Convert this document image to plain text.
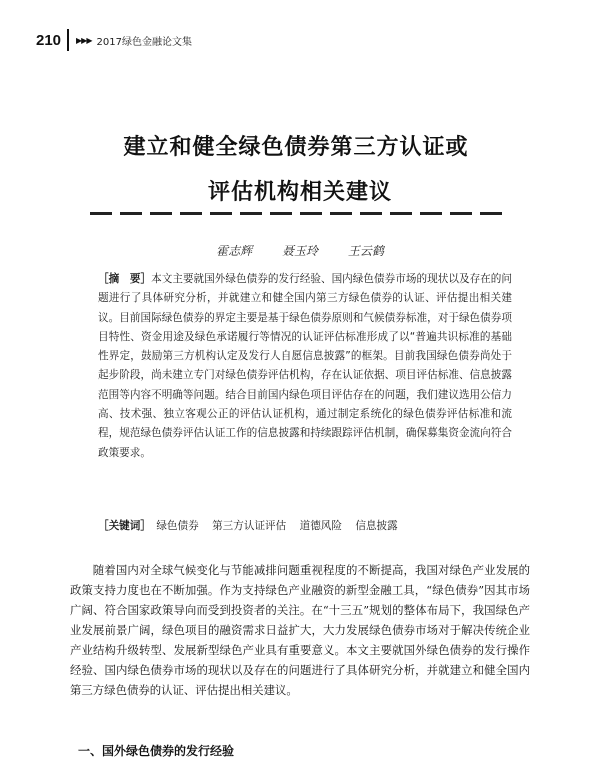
210 ▶▶▶ 2017绿色金融论文集
建立和健全绿色债券第三方认证或
评估机构相关建议
霍志辉 聂玉玲 王云鹤
［摘　要］本文主要就国外绿色债券的发行经验、国内绿色债券市场的现状以及存在的问题进行了具体研究分析，并就建立和健全国内第三方绿色债券的认证、评估提出相关建议。目前国际绿色债券的界定主要是基于绿色债券原则和气候债券标准，对于绿色债券项目特性、资金用途及绿色承诺履行等情况的认证评估标准形成了以“普遍共识标准的基础性界定，鼓励第三方机构认定及发行人自愿信息披露”的框架。目前我国绿色债券尚处于起步阶段，尚未建立专门对绿色债券评估机构，存在认证依据、项目评估标准、信息披露范围等内容不明确等问题。结合目前国内绿色项目评估存在的问题，我们建议选用公信力高、技术强、独立客观公正的评估认证机构，通过制定系统化的绿色债券评估标准和流程，规范绿色债券评估认证工作的信息披露和持续跟踪评估机制，确保募集资金流向符合政策要求。
［关键词］ 绿色债券 第三方认证评估 道德风险 信息披露

随着国内对全球气候变化与节能减排问题重视程度的不断提高，我国对绿色产业发展的政策支持力度也在不断加强。作为支持绿色产业融资的新型金融工具，“绿色债券”因其市场广阔、符合国家政策导向而受到投资者的关注。在“十三五”规划的整体布局下，我国绿色产业发展前景广阔，绿色项目的融资需求日益扩大，大力发展绿色债券市场对于解决传统企业产业结构升级转型、发展新型绿色产业具有重要意义。本文主要就国外绿色债券的发行操作经验、国内绿色债券市场的现状以及存在的问题进行了具体研究分析，并就建立和健全国内第三方绿色债券的认证、评估提出相关建议。

一、国外绿色债券的发行经验
